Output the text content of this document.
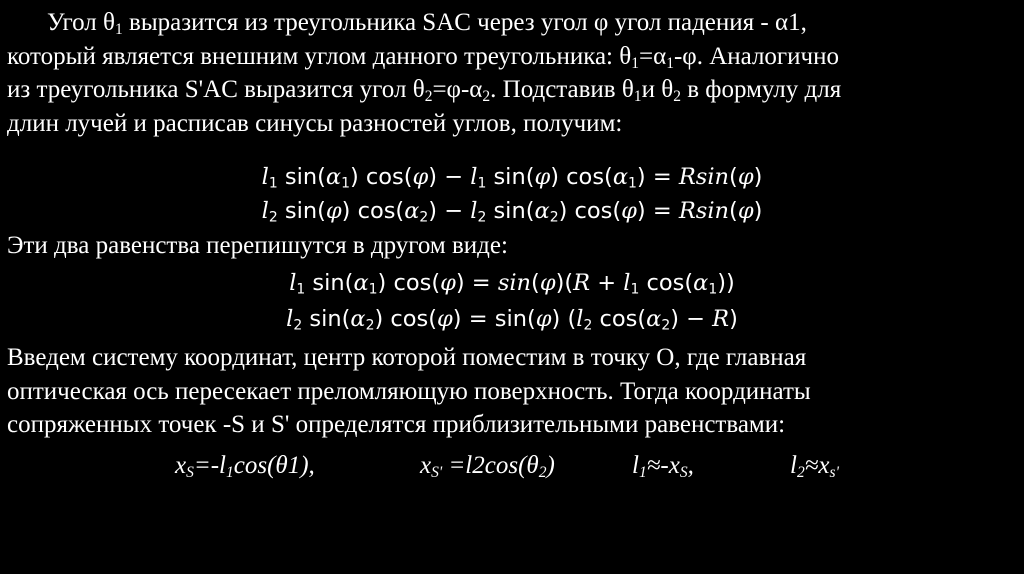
Угол $\theta_1$ выразится из треугольника SAC через угол φ угол падения - α1,
который является внешним углом данного треугольника: $\theta_1=\alpha_1-\varphi$. Аналогично
из треугольника S'AC выразится угол $\theta_2=\varphi-\alpha_2$. Подставив $\theta_1и$ $\theta_2$ в формулу для
длин лучей и расписав синусы разностей углов, получим:
$l_1$ $\sin(\alpha_1) \cos(\varphi) - l_1$ sin(φ) $\cos(\alpha_1) = Rsin(\varphi)$
$l_2$ sin(φ) $\cos(\alpha_2) - l_2$ $\sin(\alpha_2) \cos(\varphi) = Rsin(\varphi)$
Эти два равенства перепишутся в другом виде:
$l_1$ $\sin(\alpha_1) \cos(\varphi) = \sin(\varphi)(R + l_1$ $\cos(\alpha_1)$)
$l_2$ $\sin(\alpha_2) \cos(\varphi) = \sin(\varphi)$ ($l_2$ $\cos(\alpha_2) - R$)
Введем систему координат, центр которой поместим в точку О, где главная
оптическая ось пересекает преломляющую поверхность. Тогда координаты
сопряженных точек -S и S' определятся приблизительными равенствами:
$x_S=-l_1\cos(\theta 1)$,	$x_{S'} =l2\cos(\theta_2)$	$l_1\approx-x_S$,	$l_2\approx x_{s'}$
